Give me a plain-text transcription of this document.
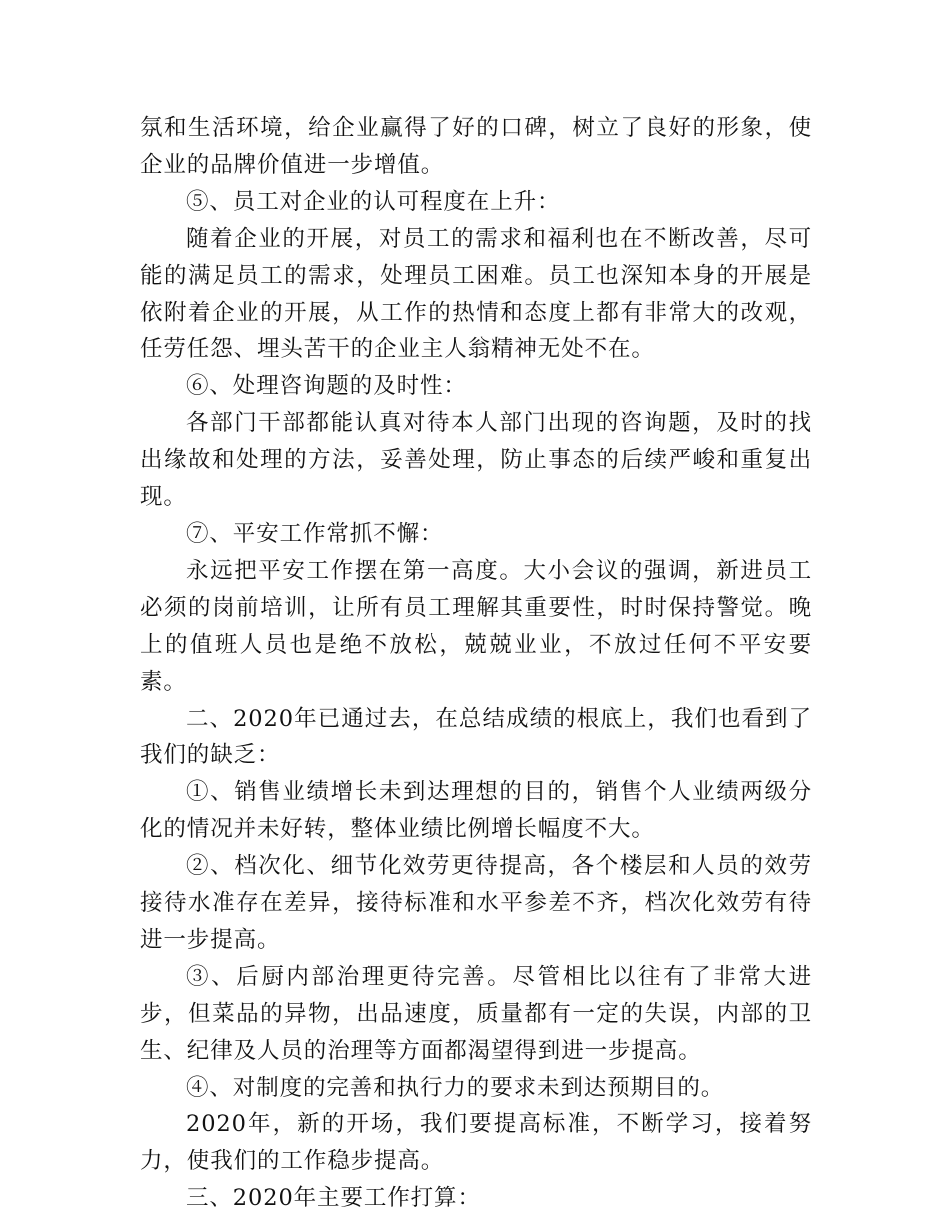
氛和生活环境，给企业赢得了好的口碑，树立了良好的形象，使企业的品牌价值进一步增值。

⑤、员工对企业的认可程度在上升：

随着企业的开展，对员工的需求和福利也在不断改善，尽可能的满足员工的需求，处理员工困难。员工也深知本身的开展是依附着企业的开展，从工作的热情和态度上都有非常大的改观，任劳任怨、埋头苦干的企业主人翁精神无处不在。

⑥、处理咨询题的及时性：

各部门干部都能认真对待本人部门出现的咨询题，及时的找出缘故和处理的方法，妥善处理，防止事态的后续严峻和重复出现。

⑦、平安工作常抓不懈：

永远把平安工作摆在第一高度。大小会议的强调，新进员工必须的岗前培训，让所有员工理解其重要性，时时保持警觉。晚上的值班人员也是绝不放松，兢兢业业，不放过任何不平安要素。

二、2020年已通过去，在总结成绩的根底上，我们也看到了我们的缺乏：

①、销售业绩增长未到达理想的目的，销售个人业绩两级分化的情况并未好转，整体业绩比例增长幅度不大。

②、档次化、细节化效劳更待提高，各个楼层和人员的效劳接待水准存在差异，接待标准和水平参差不齐，档次化效劳有待进一步提高。

③、后厨内部治理更待完善。尽管相比以往有了非常大进步，但菜品的异物，出品速度，质量都有一定的失误，内部的卫生、纪律及人员的治理等方面都渴望得到进一步提高。

④、对制度的完善和执行力的要求未到达预期目的。

2020年，新的开场，我们要提高标准，不断学习，接着努力，使我们的工作稳步提高。

三、2020年主要工作打算：
